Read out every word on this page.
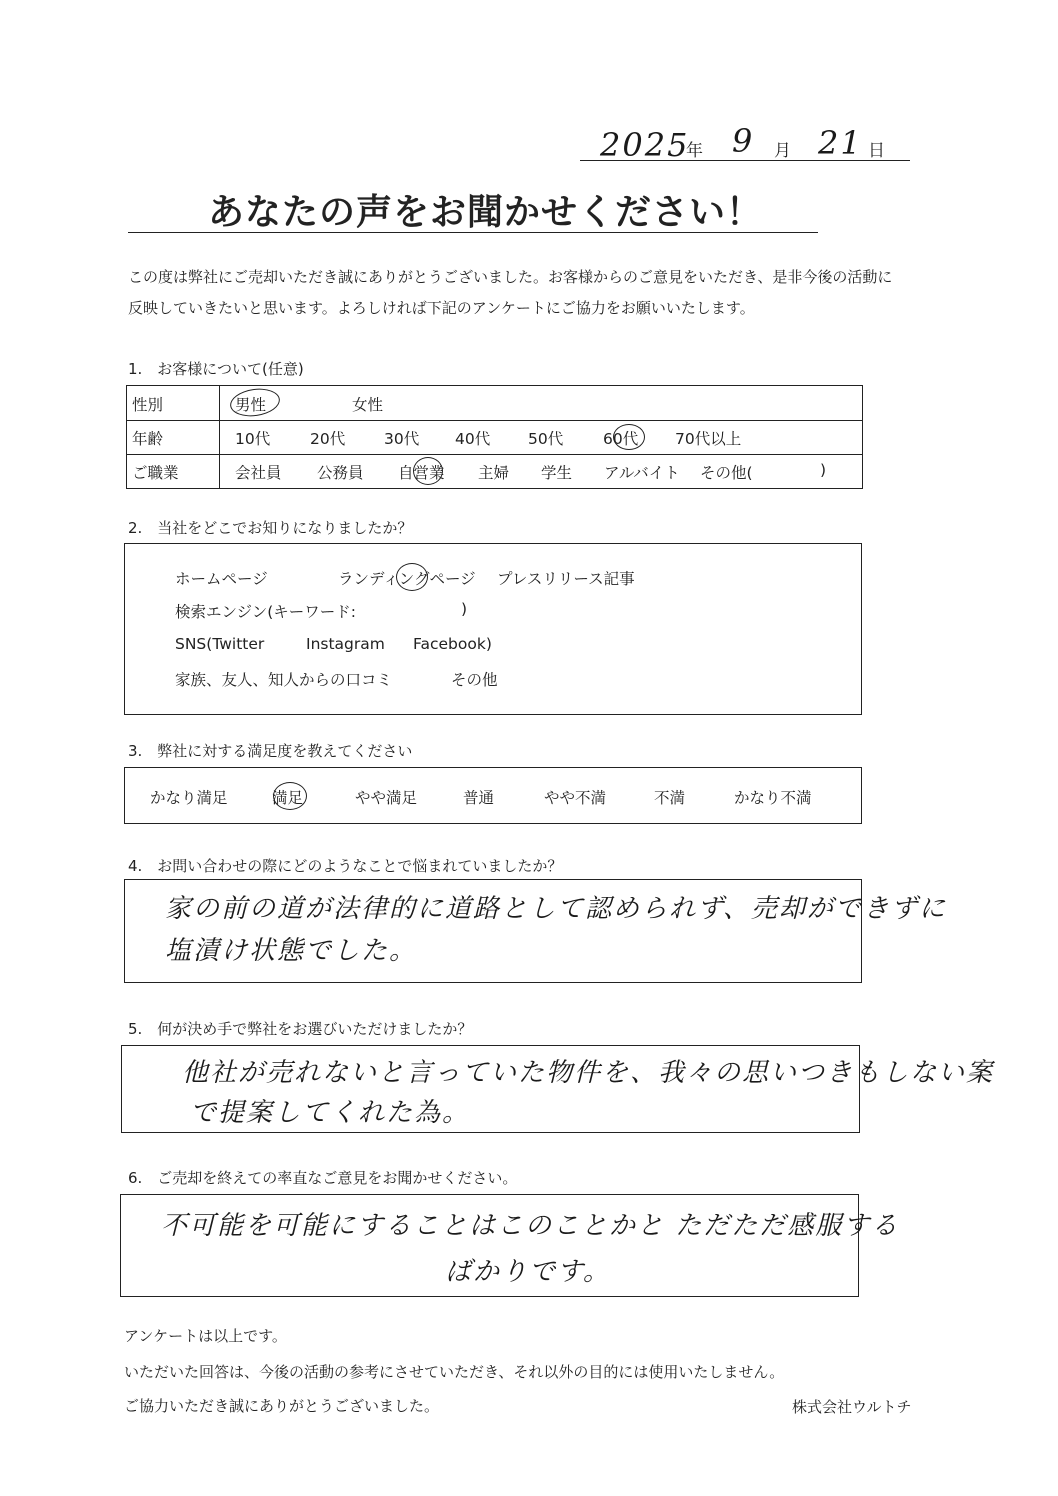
2025
年 9 月 21 日
あなたの声をお聞かせください！
この度は弊社にご売却いただき誠にありがとうございました。お客様からのご意見をいただき、是非今後の活動に
反映していきたいと思います。よろしければ下記のアンケートにご協力をお願いいたします。
1.　お客様について(任意)
性別	男性	女性
年齢	10代	20代	30代 40代 50代	60代 70代以上
ご職業	会社員 公務員 自営業 主婦 学生 アルバイト その他(	)
2.　当社をどこでお知りになりましたか？
ホームページ	ランディングページ プレスリリース記事
検索エンジン(キーワード:	)
SNS(Twitter	Instagram Facebook)
家族、友人、知人からの口コミ	その他
3.　弊社に対する満足度を教えてください
かなり満足	満足	やや満足	普通	やや不満	不満	かなり不満
4.　お問い合わせの際にどのようなことで悩まれていましたか？
家の前の道が法律的に道路として認められず、売却ができずに
塩漬け状態でした。
5.　何が決め手で弊社をお選びいただけましたか？
他社が売れないと言っていた物件を、我々の思いつきもしない案
で提案してくれた為。
6.　ご売却を終えての率直なご意見をお聞かせください。
不可能を可能にすることはこのことかと ただただ感服する
ばかりです。
アンケートは以上です。
いただいた回答は、今後の活動の参考にさせていただき、それ以外の目的には使用いたしません。
ご協力いただき誠にありがとうございました。	株式会社ウルトチ
